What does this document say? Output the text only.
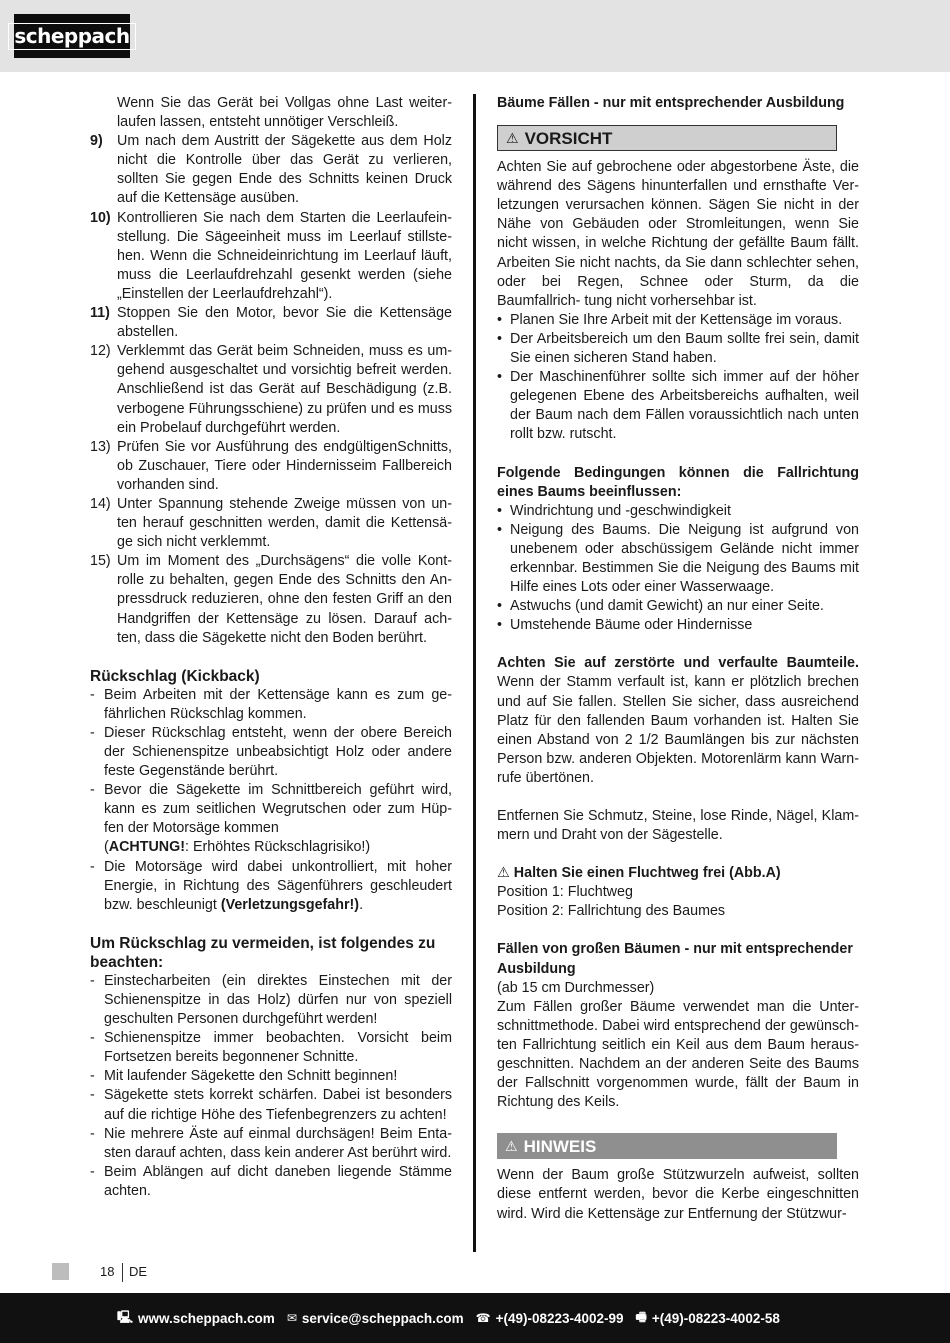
scheppach

Wenn Sie das Gerät bei Vollgas ohne Last weiter- laufen lassen, entsteht unnötiger Verschleiß.

9) Um nach dem Austritt der Sägekette aus dem Holz nicht die Kontrolle über das Gerät zu verlieren, sollten Sie gegen Ende des Schnitts keinen Druck auf die Kettensäge ausüben.
10) Kontrollieren Sie nach dem Starten die Leerlaufein- stellung. Die Sägeeinheit muss im Leerlauf stillste- hen. Wenn die Schneideinrichtung im Leerlauf läuft, muss die Leerlaufdrehzahl gesenkt werden (siehe „Einstellen der Leerlaufdrehzahl“).
11) Stoppen Sie den Motor, bevor Sie die Kettensäge abstellen.
12) Verklemmt das Gerät beim Schneiden, muss es um- gehend ausgeschaltet und vorsichtig befreit werden. Anschließend ist das Gerät auf Beschädigung (z.B. verbogene Führungsschiene) zu prüfen und es muss ein Probelauf durchgeführt werden.
13) Prüfen Sie vor Ausführung des endgültigenSchnitts, ob Zuschauer, Tiere oder Hindernisseim Fallbereich vorhanden sind.
14) Unter Spannung stehende Zweige müssen von un- ten herauf geschnitten werden, damit die Kettensä- ge sich nicht verklemmt.
15) Um im Moment des „Durchsägens“ die volle Kont- rolle zu behalten, gegen Ende des Schnitts den An- pressdruck reduzieren, ohne den festen Griff an den Handgriffen der Kettensäge zu lösen. Darauf ach- ten, dass die Sägekette nicht den Boden berührt.

Rückschlag (Kickback)

- Beim Arbeiten mit der Kettensäge kann es zum ge- fährlichen Rückschlag kommen.
- Dieser Rückschlag entsteht, wenn der obere Bereich der Schienenspitze unbeabsichtigt Holz oder andere feste Gegenstände berührt.
- Bevor die Sägekette im Schnittbereich geführt wird, kann es zum seitlichen Wegrutschen oder zum Hüp- fen der Motorsäge kommen
(ACHTUNG!: Erhöhtes Rückschlagrisiko!)
- Die Motorsäge wird dabei unkontrolliert, mit hoher Energie, in Richtung des Sägenführers geschleudert bzw. beschleunigt (Verletzungsgefahr!).

Um Rückschlag zu vermeiden, ist folgendes zu beachten:

- Einstecharbeiten (ein direktes Einstechen mit der Schienenspitze in das Holz) dürfen nur von speziell geschulten Personen durchgeführt werden!
- Schienenspitze immer beobachten. Vorsicht beim Fortsetzen bereits begonnener Schnitte.
- Mit laufender Sägekette den Schnitt beginnen!
- Sägekette stets korrekt schärfen. Dabei ist besonders auf die richtige Höhe des Tiefenbegrenzers zu achten!
- Nie mehrere Äste auf einmal durchsägen! Beim Enta- sten darauf achten, dass kein anderer Ast berührt wird.
- Beim Ablängen auf dicht daneben liegende Stämme achten.

Bäume Fällen - nur mit entsprechender Ausbildung

⚠ VORSICHT

Achten Sie auf gebrochene oder abgestorbene Äste, die während des Sägens hinunterfallen und ernsthafte Ver- letzungen verursachen können. Sägen Sie nicht in der Nähe von Gebäuden oder Stromleitungen, wenn Sie nicht wissen, in welche Richtung der gefällte Baum fällt. Arbeiten Sie nicht nachts, da Sie dann schlechter sehen, oder bei Regen, Schnee oder Sturm, da die Baumfallrich- tung nicht vorhersehbar ist.

• Planen Sie Ihre Arbeit mit der Kettensäge im voraus.
• Der Arbeitsbereich um den Baum sollte frei sein, damit Sie einen sicheren Stand haben.
• Der Maschinenführer sollte sich immer auf der höher gelegenen Ebene des Arbeitsbereichs aufhalten, weil der Baum nach dem Fällen voraussichtlich nach unten rollt bzw. rutscht.

Folgende Bedingungen können die Fallrichtung eines Baums beeinflussen:

• Windrichtung und -geschwindigkeit
• Neigung des Baums. Die Neigung ist aufgrund von unebenem oder abschüssigem Gelände nicht immer erkennbar. Bestimmen Sie die Neigung des Baums mit Hilfe eines Lots oder einer Wasserwaage.
• Astwuchs (und damit Gewicht) an nur einer Seite.
• Umstehende Bäume oder Hindernisse

Achten Sie auf zerstörte und verfaulte Baumteile. Wenn der Stamm verfault ist, kann er plötzlich brechen und auf Sie fallen. Stellen Sie sicher, dass ausreichend Platz für den fallenden Baum vorhanden ist. Halten Sie einen Abstand von 2 1/2 Baumlängen bis zur nächsten Person bzw. anderen Objekten. Motorenlärm kann Warn- rufe übertönen.

Entfernen Sie Schmutz, Steine, lose Rinde, Nägel, Klam- mern und Draht von der Sägestelle.

⚠ Halten Sie einen Fluchtweg frei (Abb.A)

Position 1: Fluchtweg

Position 2: Fallrichtung des Baumes

Fällen von großen Bäumen - nur mit entsprechender Ausbildung

(ab 15 cm Durchmesser)

Zum Fällen großer Bäume verwendet man die Unter- schnittmethode. Dabei wird entsprechend der gewünsch- ten Fallrichtung seitlich ein Keil aus dem Baum heraus- geschnitten. Nachdem an der anderen Seite des Baums der Fallschnitt vorgenommen wurde, fällt der Baum in Richtung des Keils.

⚠ HINWEIS

Wenn der Baum große Stützwurzeln aufweist, sollten diese entfernt werden, bevor die Kerbe eingeschnitten wird. Wird die Kettensäge zur Entfernung der Stützwur-

18 DE
🖳 www.scheppach.com ✉ service@scheppach.com ☎ +(49)-08223-4002-99 🖷 +(49)-08223-4002-58
